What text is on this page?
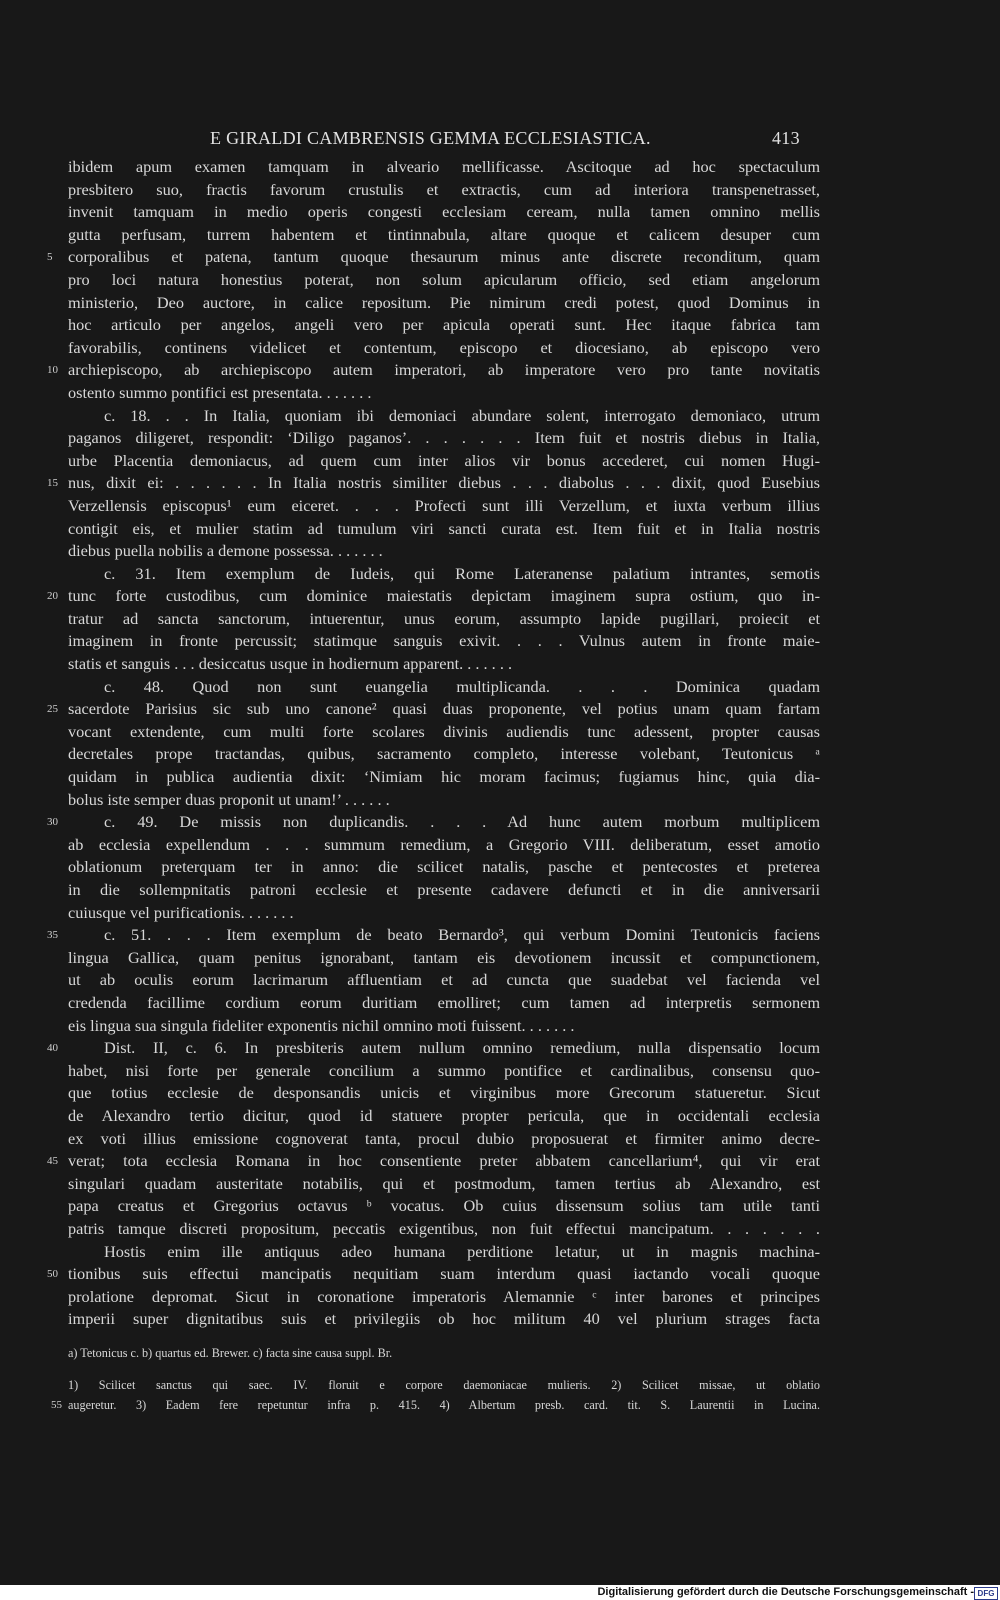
E GIRALDI CAMBRENSIS GEMMA ECCLESIASTICA.	413
ibidem apum examen tamquam in alveario mellificasse. Ascitoque ad hoc spectaculum
presbitero suo, fractis favorum crustulis et extractis, cum ad interiora transpenetrasset,
invenit tamquam in medio operis congesti ecclesiam ceream, nulla tamen omnino mellis
gutta perfusam, turrem habentem et tintinnabula, altare quoque et calicem desuper cum
5 corporalibus et patena, tantum quoque thesaurum minus ante discrete reconditum, quam
pro loci natura honestius poterat, non solum apicularum officio, sed etiam angelorum
ministerio, Deo auctore, in calice repositum. Pie nimirum credi potest, quod Dominus in
hoc articulo per angelos, angeli vero per apicula operati sunt. Hec itaque fabrica tam
favorabilis, continens videlicet et contentum, episcopo et diocesiano, ab episcopo vero
10 archiepiscopo, ab archiepiscopo autem imperatori, ab imperatore vero pro tante novitatis
ostento summo pontifici est presentata. . . . . . .
c. 18. . . In Italia, quoniam ibi demoniaci abundare solent, interrogato demoniaco, utrum
paganos diligeret, respondit: ‘Diligo paganos’. . . . . . . Item fuit et nostris diebus in Italia,
urbe Placentia demoniacus, ad quem cum inter alios vir bonus accederet, cui nomen Hugi-
15 nus, dixit ei: . . . . . . In Italia nostris similiter diebus . . . diabolus . . . dixit, quod Eusebius
Verzellensis episcopus¹ eum eiceret. . . . Profecti sunt illi Verzellum, et iuxta verbum illius
contigit eis, et mulier statim ad tumulum viri sancti curata est. Item fuit et in Italia nostris
diebus puella nobilis a demone possessa. . . . . . .
c. 31. Item exemplum de Iudeis, qui Rome Lateranense palatium intrantes, semotis
20 tunc forte custodibus, cum dominice maiestatis depictam imaginem supra ostium, quo in-
tratur ad sancta sanctorum, intuerentur, unus eorum, assumpto lapide pugillari, proiecit et
imaginem in fronte percussit; statimque sanguis exivit. . . . Vulnus autem in fronte maie-
statis et sanguis . . . desiccatus usque in hodiernum apparent. . . . . . .
c. 48. Quod non sunt euangelia multiplicanda. . . . Dominica quadam
25 sacerdote Parisius sic sub uno canone² quasi duas proponente, vel potius unam quam fartam
vocant extendente, cum multi forte scolares divinis audiendis tunc adessent, propter causas
decretales prope tractandas, quibus, sacramento completo, interesse volebant, Teutonicus ᵃ
quidam in publica audientia dixit: ‘Nimiam hic moram facimus; fugiamus hinc, quia dia-
bolus iste semper duas proponit ut unam!’ . . . . . .
30	c. 49. De missis non duplicandis. . . . Ad hunc autem morbum multiplicem
ab ecclesia expellendum . . . summum remedium, a Gregorio VIII. deliberatum, esset amotio
oblationum preterquam ter in anno: die scilicet natalis, pasche et pentecostes et preterea
in die sollempnitatis patroni ecclesie et presente cadavere defuncti et in die anniversarii
cuiusque vel purificationis. . . . . . .
35	c. 51. . . . Item exemplum de beato Bernardo³, qui verbum Domini Teutonicis faciens
lingua Gallica, quam penitus ignorabant, tantam eis devotionem incussit et compunctionem,
ut ab oculis eorum lacrimarum affluentiam et ad cuncta que suadebat vel facienda vel
credenda facillime cordium eorum duritiam emolliret; cum tamen ad interpretis sermonem
eis lingua sua singula fideliter exponentis nichil omnino moti fuissent. . . . . . .
40	Dist. II, c. 6. In presbiteris autem nullum omnino remedium, nulla dispensatio locum
habet, nisi forte per generale concilium a summo pontifice et cardinalibus, consensu quo-
que totius ecclesie de desponsandis unicis et virginibus more Grecorum statueretur. Sicut
de Alexandro tertio dicitur, quod id statuere propter pericula, que in occidentali ecclesia
ex voti illius emissione cognoverat tanta, procul dubio proposuerat et firmiter animo decre-
45 verat; tota ecclesia Romana in hoc consentiente preter abbatem cancellarium⁴, qui vir erat
singulari quadam austeritate notabilis, qui et postmodum, tamen tertius ab Alexandro, est
papa creatus et Gregorius octavus ᵇ vocatus. Ob cuius dissensum solius tam utile tanti
patris tamque discreti propositum, peccatis exigentibus, non fuit effectui mancipatum. . . . . . .
Hostis enim ille antiquus adeo humana perditione letatur, ut in magnis machina-
50 tionibus suis effectui mancipatis nequitiam suam interdum quasi iactando vocali quoque
prolatione depromat. Sicut in coronatione imperatoris Alemannie ᶜ inter barones et principes
imperii super dignitatibus suis et privilegiis ob hoc militum 40 vel plurium strages facta
a) Tetonicus c. b) quartus ed. Brewer. c) facta sine causa suppl. Br.
1) Scilicet sanctus qui saec. IV. floruit e corpore daemoniacae mulieris. 2) Scilicet missae, ut oblatio
55 augeretur. 3) Eadem fere repetuntur infra p. 415. 4) Albertum presb. card. tit. S. Laurentii in Lucina.
Digitalisierung gefördert durch die Deutsche Forschungsgemeinschaft - DFG
